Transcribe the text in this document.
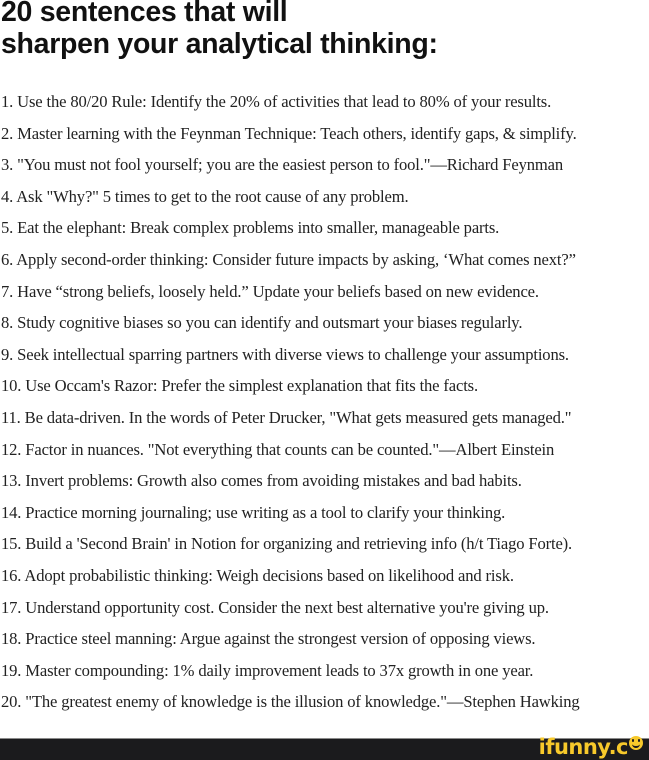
20 sentences that will
sharpen your analytical thinking:
1. Use the 80/20 Rule: Identify the 20% of activities that lead to 80% of your results.
2. Master learning with the Feynman Technique: Teach others, identify gaps, & simplify.
3. "You must not fool yourself; you are the easiest person to fool."—Richard Feynman
4. Ask "Why?" 5 times to get to the root cause of any problem.
5. Eat the elephant: Break complex problems into smaller, manageable parts.
6. Apply second-order thinking: Consider future impacts by asking, ‘What comes next?”
7. Have “strong beliefs, loosely held.” Update your beliefs based on new evidence.
8. Study cognitive biases so you can identify and outsmart your biases regularly.
9. Seek intellectual sparring partners with diverse views to challenge your assumptions.
10. Use Occam's Razor: Prefer the simplest explanation that fits the facts.
11. Be data-driven. In the words of Peter Drucker, "What gets measured gets managed."
12. Factor in nuances. "Not everything that counts can be counted."—Albert Einstein
13. Invert problems: Growth also comes from avoiding mistakes and bad habits.
14. Practice morning journaling; use writing as a tool to clarify your thinking.
15. Build a 'Second Brain' in Notion for organizing and retrieving info (h/t Tiago Forte).
16. Adopt probabilistic thinking: Weigh decisions based on likelihood and risk.
17. Understand opportunity cost. Consider the next best alternative you're giving up.
18. Practice steel manning: Argue against the strongest version of opposing views.
19. Master compounding: 1% daily improvement leads to 37x growth in one year.
20. "The greatest enemy of knowledge is the illusion of knowledge."—Stephen Hawking
ifunny.c
